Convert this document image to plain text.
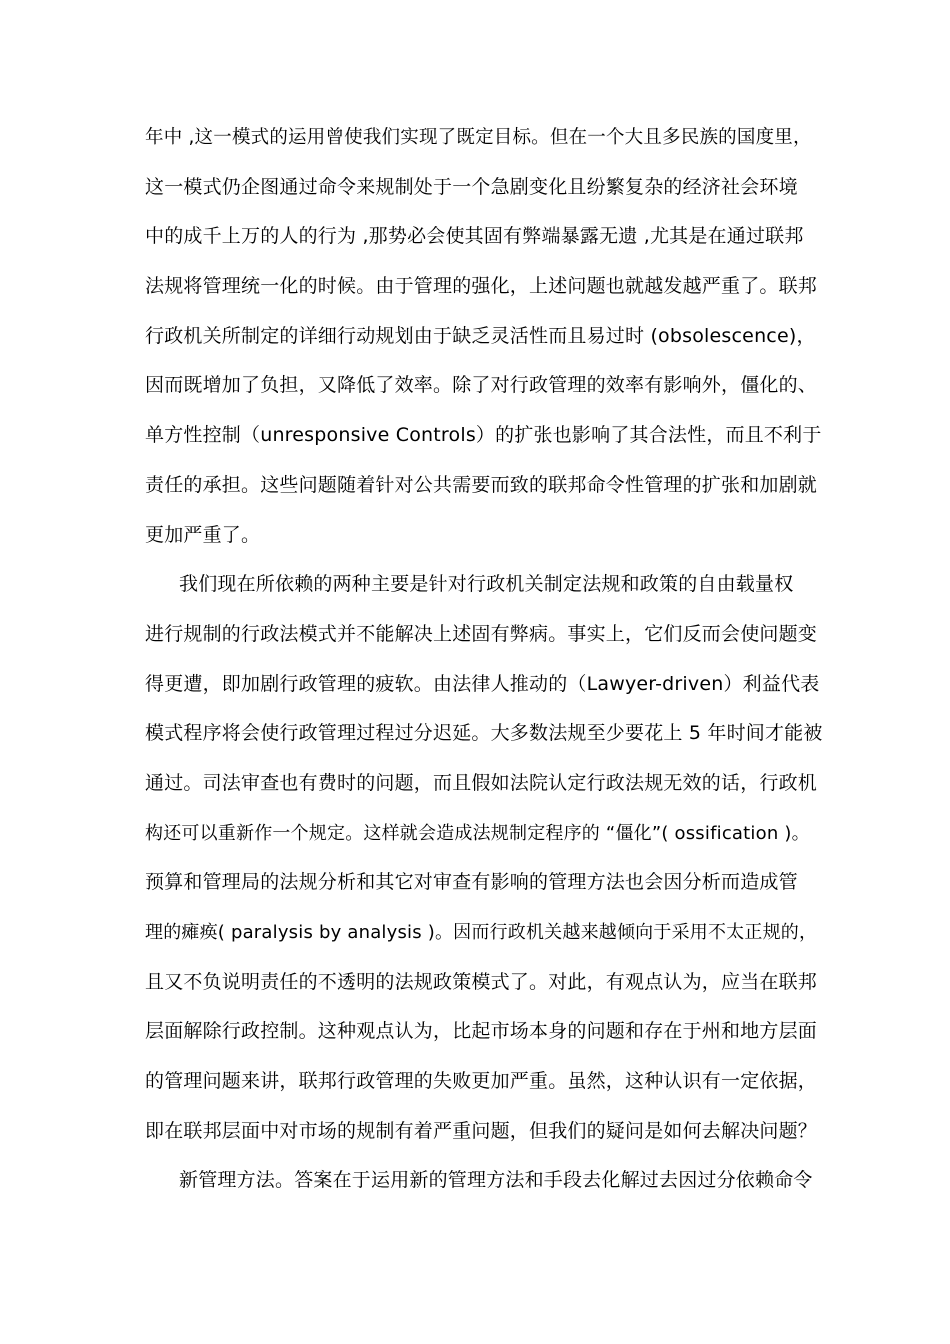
年中 ,这一模式的运用曾使我们实现了既定目标。但在一个大且多民族的国度里，
这一模式仍企图通过命令来规制处于一个急剧变化且纷繁复杂的经济社会环境
中的成千上万的人的行为 ,那势必会使其固有弊端暴露无遗 ,尤其是在通过联邦
法规将管理统一化的时候。由于管理的强化，上述问题也就越发越严重了。联邦
行政机关所制定的详细行动规划由于缺乏灵活性而且易过时 (obsolescence)，
因而既增加了负担，又降低了效率。除了对行政管理的效率有影响外，僵化的、
单方性控制（unresponsive Controls）的扩张也影响了其合法性，而且不利于
责任的承担。这些问题随着针对公共需要而致的联邦命令性管理的扩张和加剧就
更加严重了。
我们现在所依赖的两种主要是针对行政机关制定法规和政策的自由载量权
进行规制的行政法模式并不能解决上述固有弊病。事实上，它们反而会使问题变
得更遭，即加剧行政管理的疲软。由法律人推动的（Lawyer-driven）利益代表
模式程序将会使行政管理过程过分迟延。大多数法规至少要花上 5 年时间才能被
通过。司法审查也有费时的问题，而且假如法院认定行政法规无效的话，行政机
构还可以重新作一个规定。这样就会造成法规制定程序的 “僵化”( ossification )。
预算和管理局的法规分析和其它对审查有影响的管理方法也会因分析而造成管
理的瘫痪( paralysis by analysis )。因而行政机关越来越倾向于采用不太正规的，
且又不负说明责任的不透明的法规政策模式了。对此，有观点认为，应当在联邦
层面解除行政控制。这种观点认为，比起市场本身的问题和存在于州和地方层面
的管理问题来讲，联邦行政管理的失败更加严重。虽然，这种认识有一定依据，
即在联邦层面中对市场的规制有着严重问题，但我们的疑问是如何去解决问题？
新管理方法。答案在于运用新的管理方法和手段去化解过去因过分依赖命令
